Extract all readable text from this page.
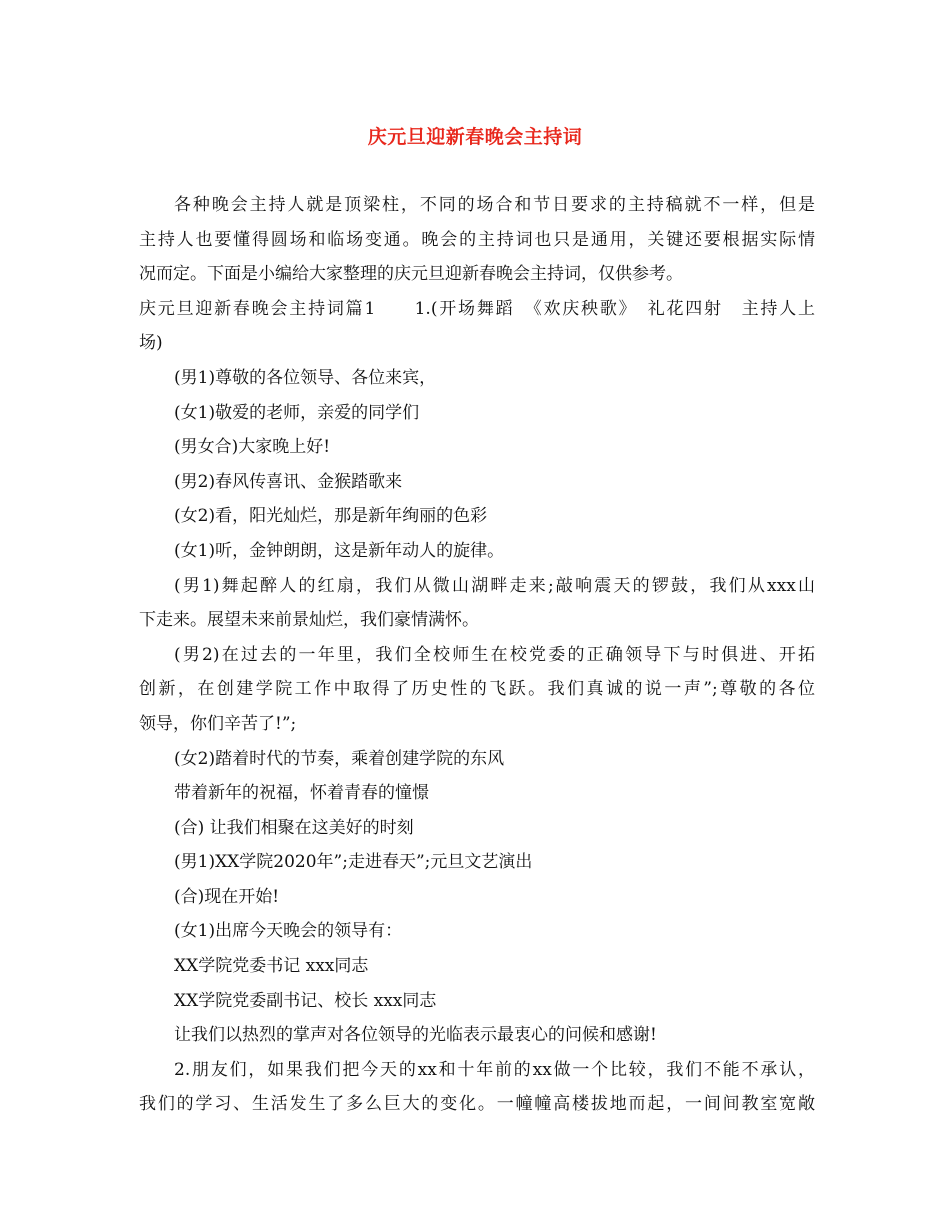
庆元旦迎新春晚会主持词
各种晚会主持人就是顶梁柱，不同的场合和节日要求的主持稿就不一样，但是
主持人也要懂得圆场和临场变通。晚会的主持词也只是通用，关键还要根据实际情
况而定。下面是小编给大家整理的庆元旦迎新春晚会主持词，仅供参考。
庆元旦迎新春晚会主持词篇1　　1.(开场舞蹈　《欢庆秧歌》　礼花四射　主持人上
场)
(男1)尊敬的各位领导、各位来宾，
(女1)敬爱的老师，亲爱的同学们
(男女合)大家晚上好!
(男2)春风传喜讯、金猴踏歌来
(女2)看，阳光灿烂，那是新年绚丽的色彩
(女1)听，金钟朗朗，这是新年动人的旋律。
(男1)舞起醉人的红扇，我们从微山湖畔走来;敲响震天的锣鼓，我们从xxx山
下走来。展望未来前景灿烂，我们豪情满怀。
(男2)在过去的一年里，我们全校师生在校党委的正确领导下与时俱进、开拓
创新，在创建学院工作中取得了历史性的飞跃。我们真诚的说一声”;尊敬的各位
领导，你们辛苦了!”;
(女2)踏着时代的节奏，乘着创建学院的东风
带着新年的祝福，怀着青春的憧憬
(合) 让我们相聚在这美好的时刻
(男1)XX学院2020年”;走进春天”;元旦文艺演出
(合)现在开始!
(女1)出席今天晚会的领导有：
XX学院党委书记 xxx同志
XX学院党委副书记、校长 xxx同志
让我们以热烈的掌声对各位领导的光临表示最衷心的问候和感谢!
2.朋友们，如果我们把今天的xx和十年前的xx做一个比较，我们不能不承认，
我们的学习、生活发生了多么巨大的变化。一幢幢高楼拔地而起，一间间教室宽敞
